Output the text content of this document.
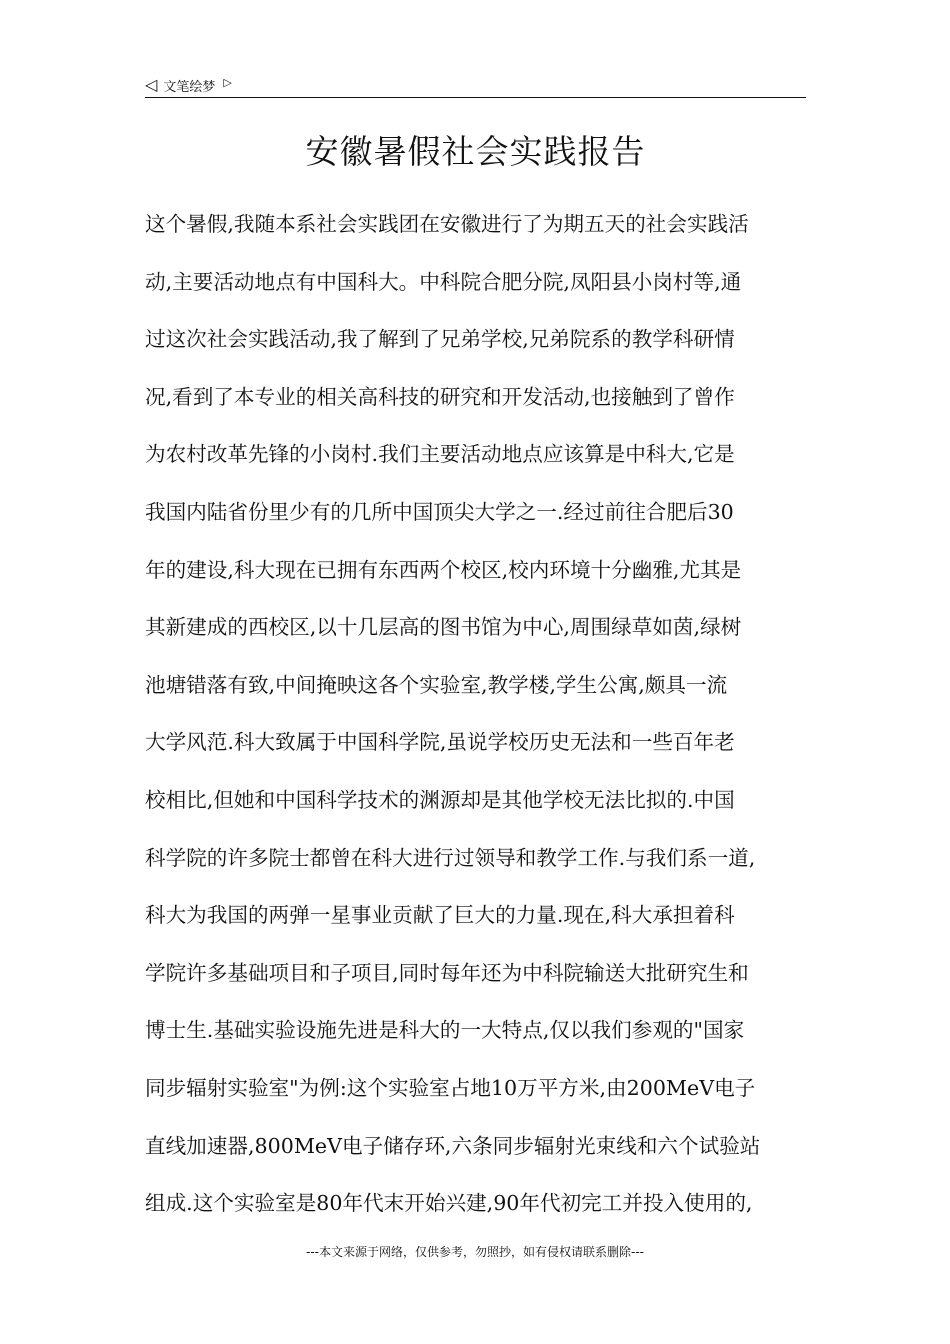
◁ 文笔绘梦 ▷
安徽暑假社会实践报告
这个暑假,我随本系社会实践团在安徽进行了为期五天的社会实践活
动,主要活动地点有中国科大。中科院合肥分院,凤阳县小岗村等,通
过这次社会实践活动,我了解到了兄弟学校,兄弟院系的教学科研情
况,看到了本专业的相关高科技的研究和开发活动,也接触到了曾作
为农村改革先锋的小岗村.我们主要活动地点应该算是中科大,它是
我国内陆省份里少有的几所中国顶尖大学之一.经过前往合肥后30
年的建设,科大现在已拥有东西两个校区,校内环境十分幽雅,尤其是
其新建成的西校区,以十几层高的图书馆为中心,周围绿草如茵,绿树
池塘错落有致,中间掩映这各个实验室,教学楼,学生公寓,颇具一流
大学风范.科大致属于中国科学院,虽说学校历史无法和一些百年老
校相比,但她和中国科学技术的渊源却是其他学校无法比拟的.中国
科学院的许多院士都曾在科大进行过领导和教学工作.与我们系一道,
科大为我国的两弹一星事业贡献了巨大的力量.现在,科大承担着科
学院许多基础项目和子项目,同时每年还为中科院输送大批研究生和
博士生.基础实验设施先进是科大的一大特点,仅以我们参观的"国家
同步辐射实验室"为例:这个实验室占地10万平方米,由200MeV电子
直线加速器,800MeV电子储存环,六条同步辐射光束线和六个试验站
组成.这个实验室是80年代末开始兴建,90年代初完工并投入使用的,
---本文来源于网络，仅供参考，勿照抄，如有侵权请联系删除---
